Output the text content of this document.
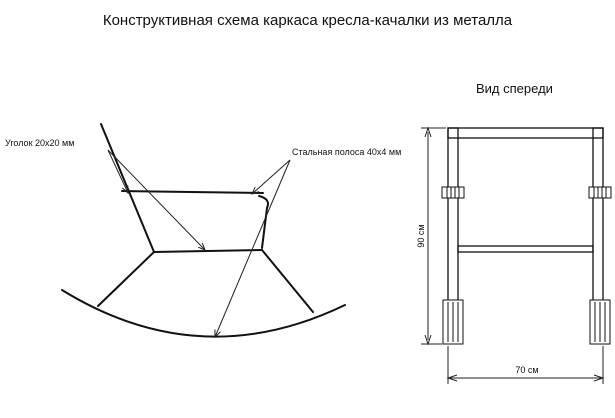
Конструктивная схема каркаса кресла-качалки из металла
Вид спереди
Уголок 20x20 мм
Стальная полоса 40x4 мм
90 см
70 см
